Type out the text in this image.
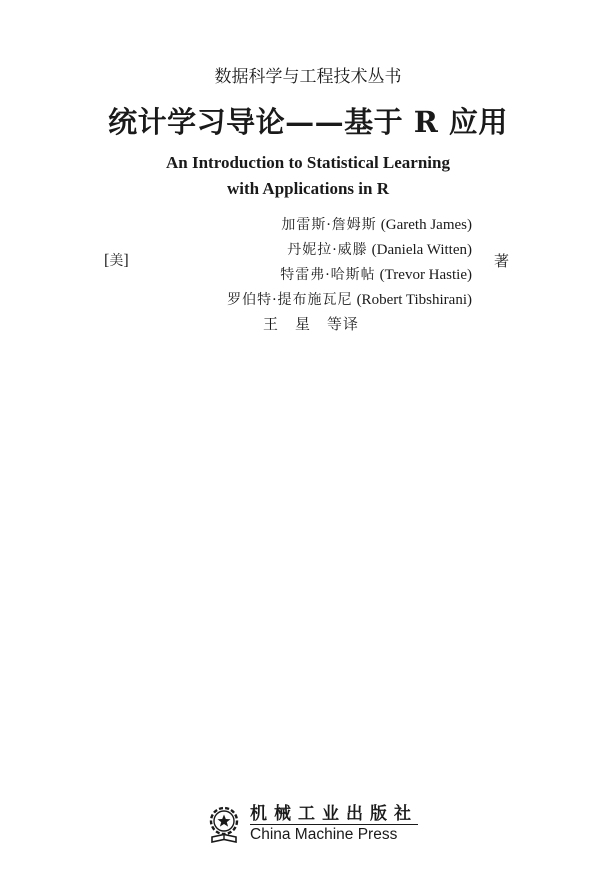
数据科学与工程技术丛书
统计学习导论——基于 R 应用
An Introduction to Statistical Learning
with Applications in R
[美]
加雷斯·詹姆斯 (Gareth James)
丹妮拉·威滕 (Daniela Witten)
特雷弗·哈斯帖 (Trevor Hastie)
罗伯特·提布施瓦尼 (Robert Tibshirani)
著
王　星　等译
机械工业出版社
China Machine Press
